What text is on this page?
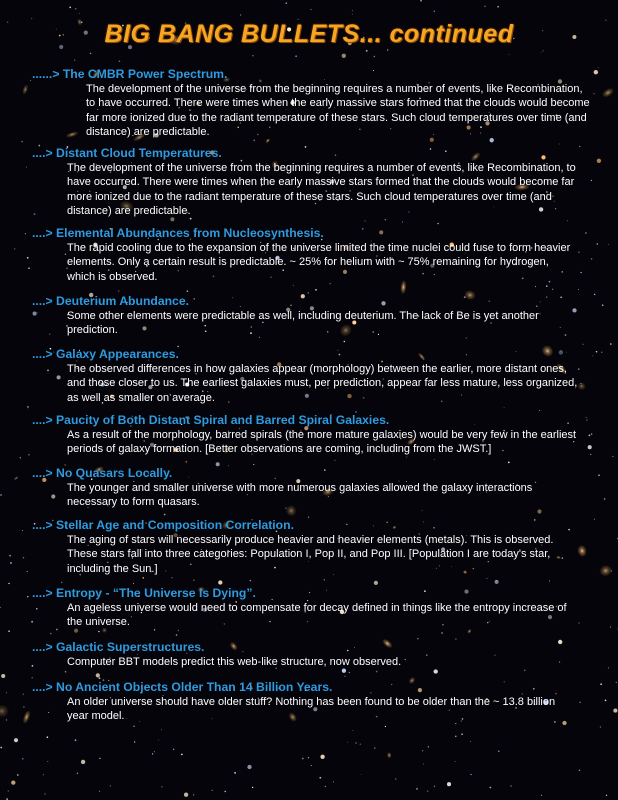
BIG BANG BULLETS... continued
......> The CMBR Power Spectrum.

The development of the universe from the beginning requires a number of events, like Recombination, to have occurred. There were times when the early massive stars formed that the clouds would become far more ionized due to the radiant temperature of these stars. Such cloud temperatures over time (and distance) are predictable.

....> Distant Cloud Temperatures.

The development of the universe from the beginning requires a number of events, like Recombination, to have occurred. There were times when the early massive stars formed that the clouds would become far more ionized due to the radiant temperature of these stars. Such cloud temperatures over time (and distance) are predictable.

....> Elemental Abundances from Nucleosynthesis.

The rapid cooling due to the expansion of the universe limited the time nuclei could fuse to form heavier elements. Only a certain result is predictable. ~ 25% for helium with ~ 75% remaining for hydrogen, which is observed.

....> Deuterium Abundance.

Some other elements were predictable as well, including deuterium. The lack of Be is yet another prediction.

....> Galaxy Appearances.

The observed differences in how galaxies appear (morphology) between the earlier, more distant ones, and those closer to us. The earliest galaxies must, per prediction, appear far less mature, less organized, as well as smaller on average.

....> Paucity of Both Distant Spiral and Barred Spiral Galaxies.

As a result of the morphology, barred spirals (the more mature galaxies) would be very few in the earliest periods of galaxy formation. [Better observations are coming, including from the JWST.]

....> No Quasars Locally.

The younger and smaller universe with more numerous galaxies allowed the galaxy interactions necessary to form quasars.

....> Stellar Age and Composition Correlation.

The aging of stars will necessarily produce heavier and heavier elements (metals). This is observed. These stars fall into three categories: Population I, Pop II, and Pop III. [Population I are today's star, including the Sun.]

....> Entropy - “The Universe Is Dying”.

An ageless universe would need to compensate for decay defined in things like the entropy increase of the universe.

....> Galactic Superstructures.

Computer BBT models predict this web-like structure, now observed.

....> No Ancient Objects Older Than 14 Billion Years.

An older universe should have older stuff? Nothing has been found to be older than the ~ 13.8 billion year model.
